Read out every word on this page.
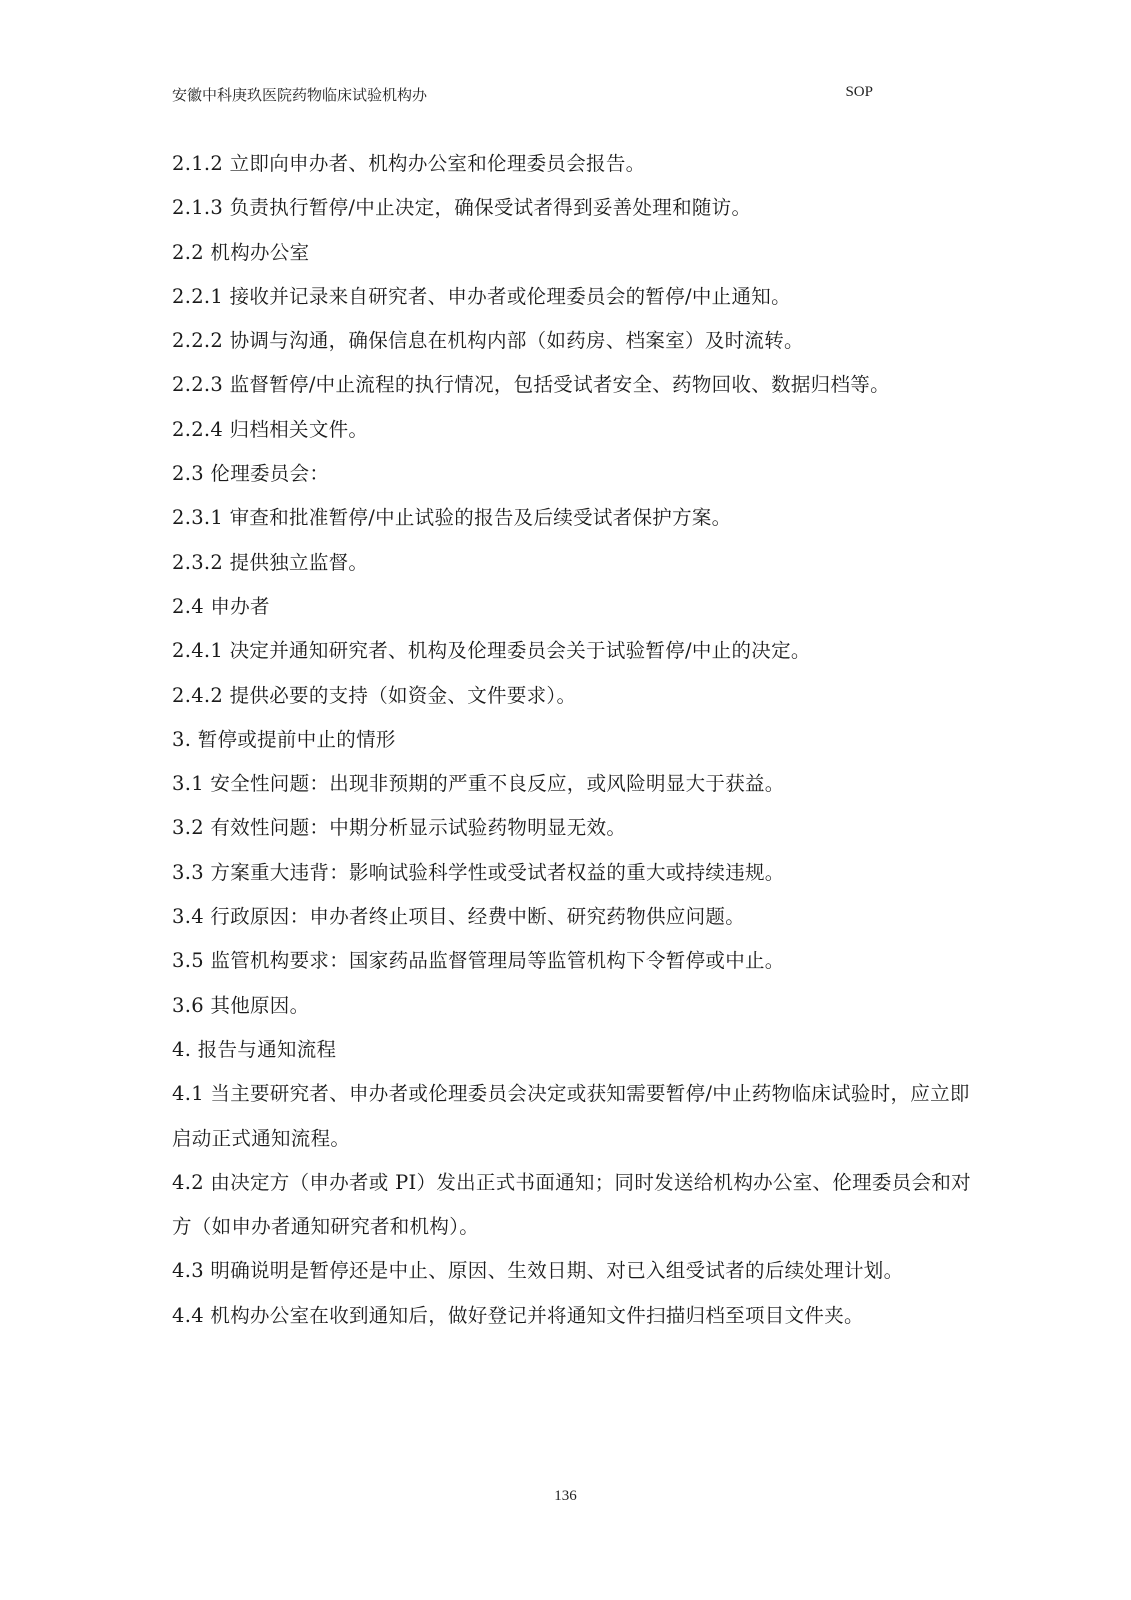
安徽中科庚玖医院药物临床试验机构办	SOP

2.1.2 立即向申办者、机构办公室和伦理委员会报告。

2.1.3 负责执行暂停/中止决定，确保受试者得到妥善处理和随访。

2.2 机构办公室

2.2.1 接收并记录来自研究者、申办者或伦理委员会的暂停/中止通知。

2.2.2 协调与沟通，确保信息在机构内部（如药房、档案室）及时流转。

2.2.3 监督暂停/中止流程的执行情况，包括受试者安全、药物回收、数据归档等。

2.2.4 归档相关文件。

2.3 伦理委员会：

2.3.1 审查和批准暂停/中止试验的报告及后续受试者保护方案。

2.3.2 提供独立监督。

2.4 申办者

2.4.1 决定并通知研究者、机构及伦理委员会关于试验暂停/中止的决定。

2.4.2 提供必要的支持（如资金、文件要求）。

3. 暂停或提前中止的情形

3.1 安全性问题：出现非预期的严重不良反应，或风险明显大于获益。

3.2 有效性问题：中期分析显示试验药物明显无效。

3.3 方案重大违背：影响试验科学性或受试者权益的重大或持续违规。

3.4 行政原因：申办者终止项目、经费中断、研究药物供应问题。

3.5 监管机构要求：国家药品监督管理局等监管机构下令暂停或中止。

3.6 其他原因。

4. 报告与通知流程

4.1 当主要研究者、申办者或伦理委员会决定或获知需要暂停/中止药物临床试验时，应立即启动正式通知流程。

4.2 由决定方（申办者或 PI）发出正式书面通知；同时发送给机构办公室、伦理委员会和对方（如申办者通知研究者和机构）。

4.3 明确说明是暂停还是中止、原因、生效日期、对已入组受试者的后续处理计划。

4.4 机构办公室在收到通知后，做好登记并将通知文件扫描归档至项目文件夹。

136
